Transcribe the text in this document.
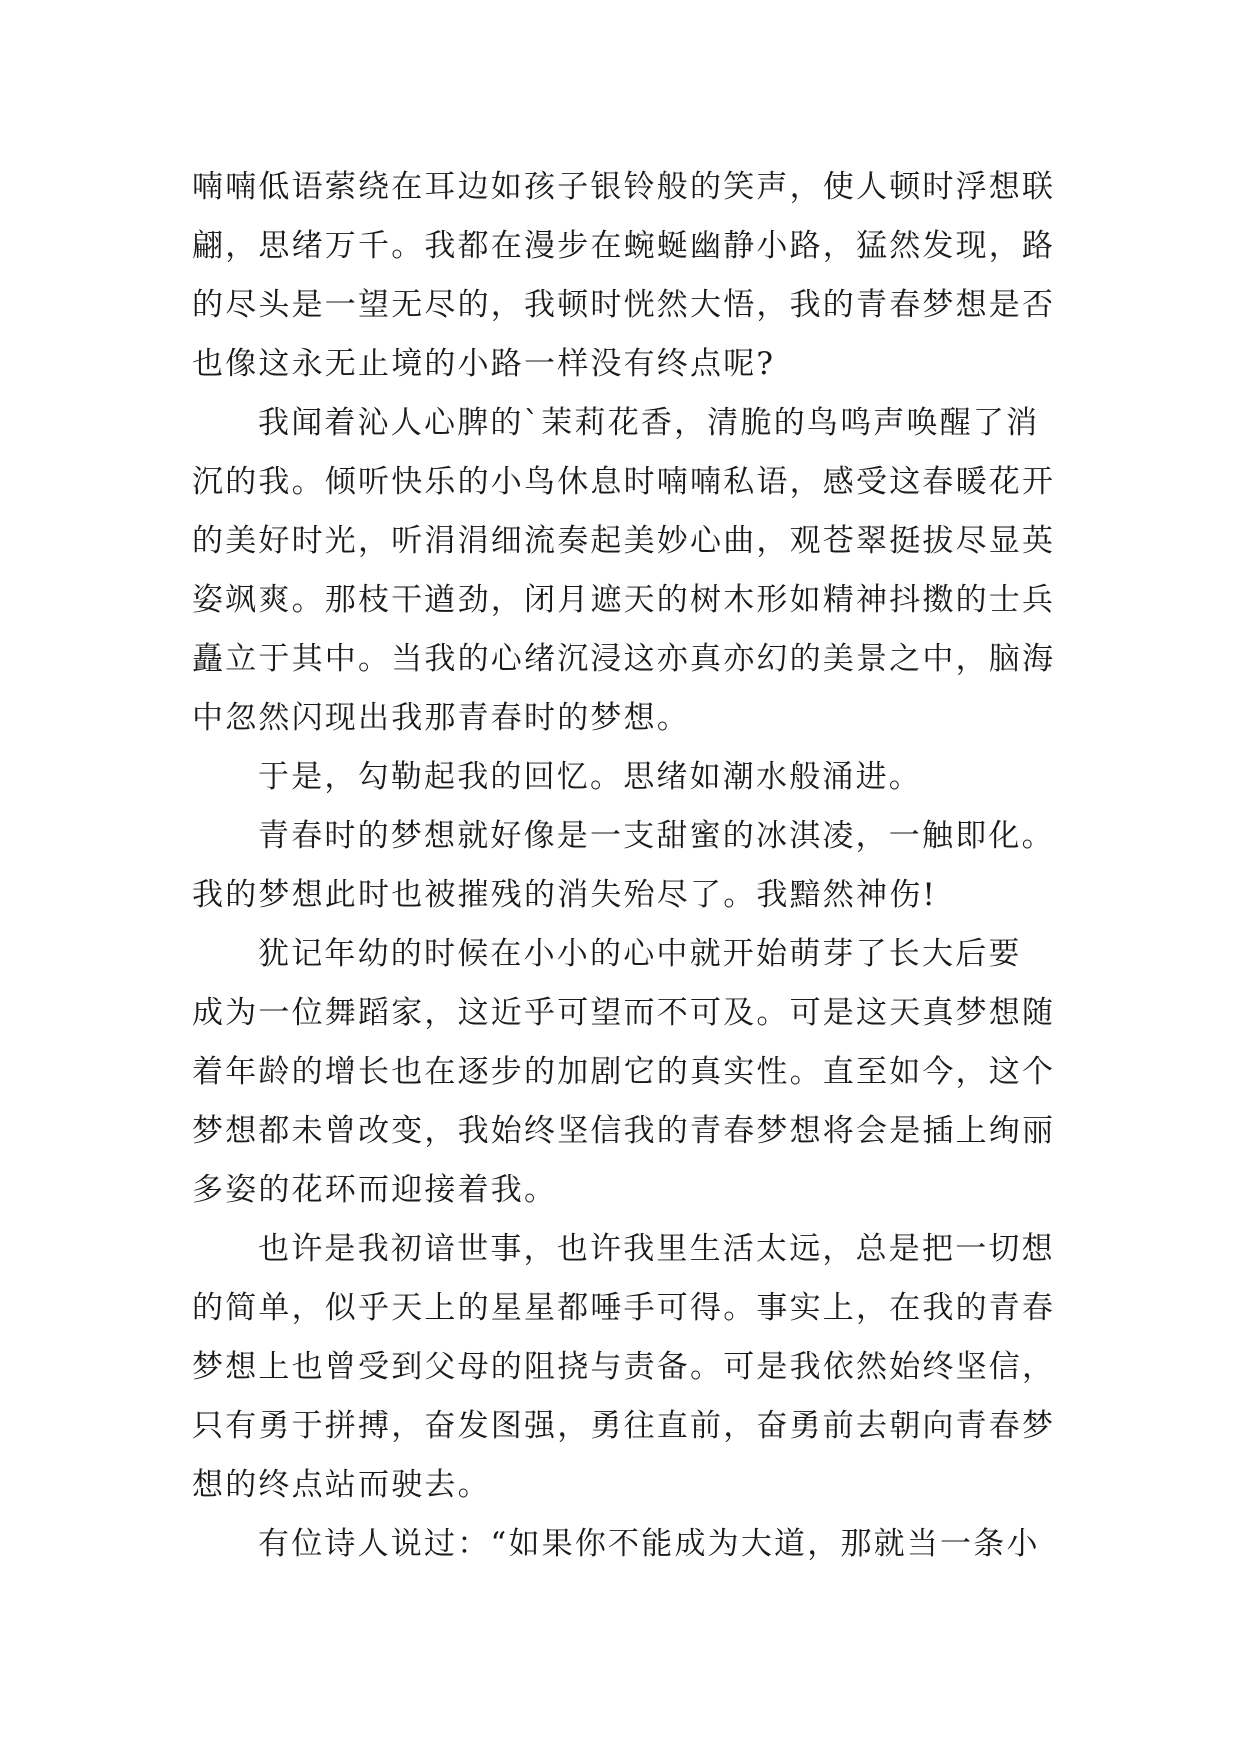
喃喃低语萦绕在耳边如孩子银铃般的笑声，使人顿时浮想联
翩，思绪万千。我都在漫步在蜿蜒幽静小路，猛然发现，路
的尽头是一望无尽的，我顿时恍然大悟，我的青春梦想是否
也像这永无止境的小路一样没有终点呢?
我闻着沁人心脾的`茉莉花香，清脆的鸟鸣声唤醒了消
沉的我。倾听快乐的小鸟休息时喃喃私语，感受这春暖花开
的美好时光，听涓涓细流奏起美妙心曲，观苍翠挺拔尽显英
姿飒爽。那枝干遒劲，闭月遮天的树木形如精神抖擞的士兵
矗立于其中。当我的心绪沉浸这亦真亦幻的美景之中，脑海
中忽然闪现出我那青春时的梦想。
于是，勾勒起我的回忆。思绪如潮水般涌进。
青春时的梦想就好像是一支甜蜜的冰淇凌，一触即化。
我的梦想此时也被摧残的消失殆尽了。我黯然神伤!
犹记年幼的时候在小小的心中就开始萌芽了长大后要
成为一位舞蹈家，这近乎可望而不可及。可是这天真梦想随
着年龄的增长也在逐步的加剧它的真实性。直至如今，这个
梦想都未曾改变，我始终坚信我的青春梦想将会是插上绚丽
多姿的花环而迎接着我。
也许是我初谙世事，也许我里生活太远，总是把一切想
的简单，似乎天上的星星都唾手可得。事实上，在我的青春
梦想上也曾受到父母的阻挠与责备。可是我依然始终坚信，
只有勇于拼搏，奋发图强，勇往直前，奋勇前去朝向青春梦
想的终点站而驶去。
有位诗人说过：“如果你不能成为大道，那就当一条小
